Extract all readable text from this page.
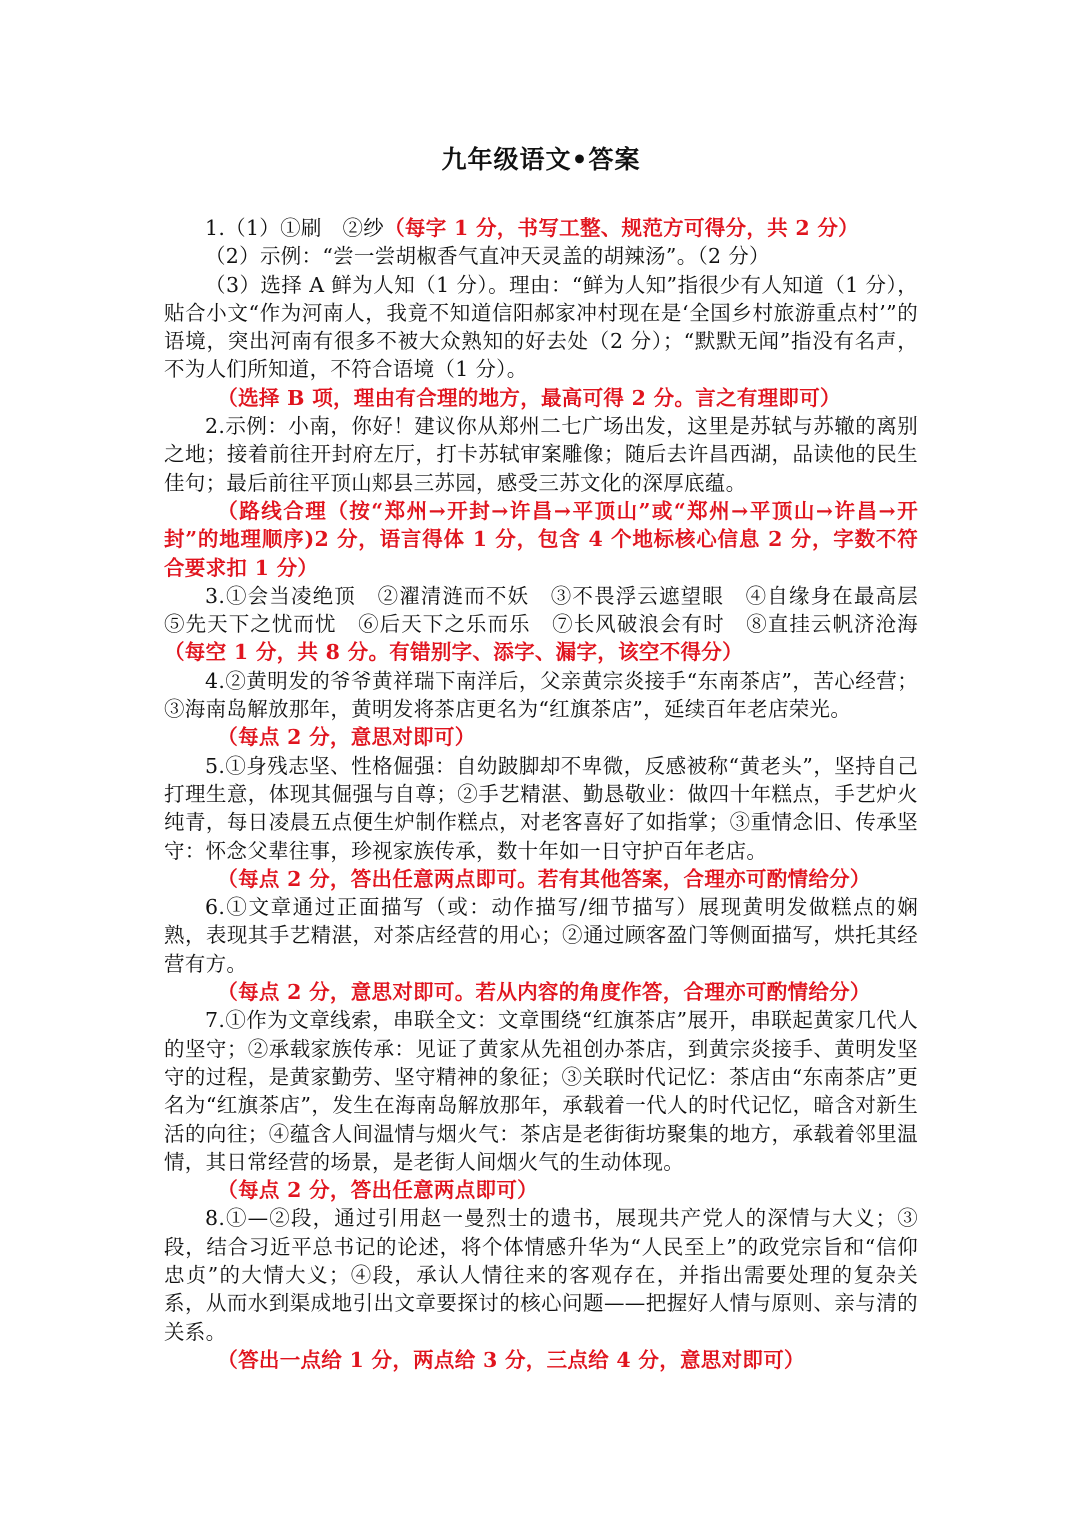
九年级语文•答案

1.（1）①刷　②纱（每字 1 分，书写工整、规范方可得分，共 2 分）

（2）示例：“尝一尝胡椒香气直冲天灵盖的胡辣汤”。（2 分）

（3）选择 A 鲜为人知（1 分）。理由：“鲜为人知”指很少有人知道（1 分），贴合小文“作为河南人，我竟不知道信阳郝家冲村现在是‘全国乡村旅游重点村’”的语境，突出河南有很多不被大众熟知的好去处（2 分）；“默默无闻”指没有名声，不为人们所知道，不符合语境（1 分）。

（选择 B 项，理由有合理的地方，最高可得 2 分。言之有理即可）

2.示例：小南，你好！建议你从郑州二七广场出发，这里是苏轼与苏辙的离别之地；接着前往开封府左厅，打卡苏轼审案雕像；随后去许昌西湖，品读他的民生佳句；最后前往平顶山郏县三苏园，感受三苏文化的深厚底蕴。

（路线合理（按“郑州→开封→许昌→平顶山”或“郑州→平顶山→许昌→开封”的地理顺序)2 分，语言得体 1 分，包含 4 个地标核心信息 2 分，字数不符合要求扣 1 分）

3.①会当凌绝顶　②濯清涟而不妖　③不畏浮云遮望眼　④自缘身在最高层　⑤先天下之忧而忧　⑥后天下之乐而乐　⑦长风破浪会有时　⑧直挂云帆济沧海　（每空 1 分，共 8 分。有错别字、添字、漏字，该空不得分）

4.②黄明发的爷爷黄祥瑞下南洋后，父亲黄宗炎接手“东南茶店”，苦心经营；③海南岛解放那年，黄明发将茶店更名为“红旗茶店”，延续百年老店荣光。

（每点 2 分，意思对即可）

5.①身残志坚、性格倔强：自幼跛脚却不卑微，反感被称“黄老头”，坚持自己打理生意，体现其倔强与自尊；②手艺精湛、勤恳敬业：做四十年糕点，手艺炉火纯青，每日凌晨五点便生炉制作糕点，对老客喜好了如指掌；③重情念旧、传承坚守：怀念父辈往事，珍视家族传承，数十年如一日守护百年老店。

（每点 2 分，答出任意两点即可。若有其他答案，合理亦可酌情给分）

6.①文章通过正面描写（或：动作描写/细节描写）展现黄明发做糕点的娴熟，表现其手艺精湛，对茶店经营的用心；②通过顾客盈门等侧面描写，烘托其经营有方。

（每点 2 分，意思对即可。若从内容的角度作答，合理亦可酌情给分）

7.①作为文章线索，串联全文：文章围绕“红旗茶店”展开，串联起黄家几代人的坚守；②承载家族传承：见证了黄家从先祖创办茶店，到黄宗炎接手、黄明发坚守的过程，是黄家勤劳、坚守精神的象征；③关联时代记忆：茶店由“东南茶店”更名为“红旗茶店”，发生在海南岛解放那年，承载着一代人的时代记忆，暗含对新生活的向往；④蕴含人间温情与烟火气：茶店是老街街坊聚集的地方，承载着邻里温情，其日常经营的场景，是老街人间烟火气的生动体现。

（每点 2 分，答出任意两点即可）

8.①—②段，通过引用赵一曼烈士的遗书，展现共产党人的深情与大义；③段，结合习近平总书记的论述，将个体情感升华为“人民至上”的政党宗旨和“信仰忠贞”的大情大义；④段，承认人情往来的客观存在，并指出需要处理的复杂关系，从而水到渠成地引出文章要探讨的核心问题——把握好人情与原则、亲与清的关系。

（答出一点给 1 分，两点给 3 分，三点给 4 分，意思对即可）
